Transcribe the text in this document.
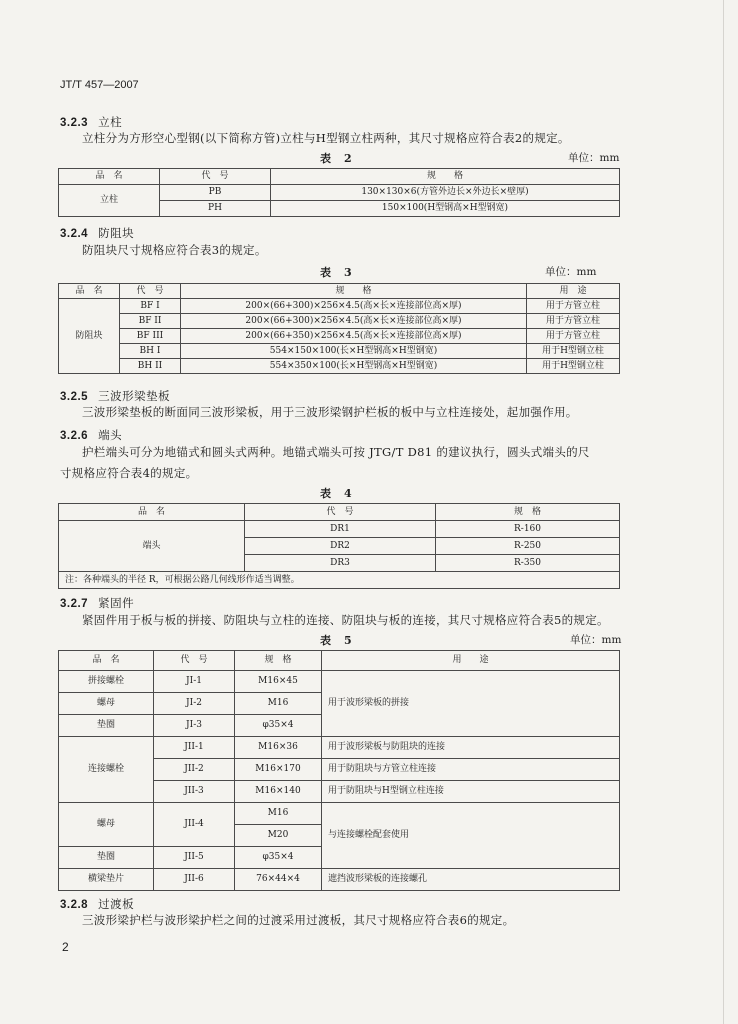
JT/T 457—2007
3.2.3 立柱
立柱分为方形空心型钢(以下简称方管)立柱与H型钢立柱两种，其尺寸规格应符合表2的规定。
表　2	单位：mm
品　名	代　号	规　　格
立柱	PB	130×130×6(方管外边长×外边长×壁厚)
	PH	150×100(H型钢高×H型钢宽)
3.2.4 防阻块
防阻块尺寸规格应符合表3的规定。
表　3	单位：mm
品　名	代　号	规　　格	用　途
防阻块	BF I	200×(66+300)×256×4.5(高×长×连接部位高×厚)	用于方管立柱
	BF II	200×(66+300)×256×4.5(高×长×连接部位高×厚)	用于方管立柱
	BF III	200×(66+350)×256×4.5(高×长×连接部位高×厚)	用于方管立柱
	BH I	554×150×100(长×H型钢高×H型钢宽)	用于H型钢立柱
	BH II	554×350×100(长×H型钢高×H型钢宽)	用于H型钢立柱
3.2.5 三波形梁垫板
三波形梁垫板的断面同三波形梁板，用于三波形梁钢护栏板的板中与立柱连接处，起加强作用。
3.2.6 端头
护栏端头可分为地锚式和圆头式两种。地锚式端头可按 JTG/T D81 的建议执行，圆头式端头的尺
寸规格应符合表4的规定。
表　4
品　名	代　号	规　格
端头	DR1	R-160
	DR2	R-250
	DR3	R-350
注：各种端头的半径 R，可根据公路几何线形作适当调整。		
3.2.7 紧固件
紧固件用于板与板的拼接、防阻块与立柱的连接、防阻块与板的连接，其尺寸规格应符合表5的规定。
表　5	单位：mm
品　名	代　号	规　格	用　　途
拼接螺栓	JI-1	M16×45	用于波形梁板的拼接
螺母	JI-2	M16	
垫圈	JI-3	φ35×4	
连接螺栓	JII-1	M16×36	用于波形梁板与防阻块的连接
	JII-2	M16×170	用于防阻块与方管立柱连接
	JII-3	M16×140	用于防阻块与H型钢立柱连接
螺母	JII-4	M16	与连接螺栓配套使用
		M20	
垫圈	JII-5	φ35×4	
横梁垫片	JII-6	76×44×4	遮挡波形梁板的连接螺孔
3.2.8 过渡板
三波形梁护栏与波形梁护栏之间的过渡采用过渡板，其尺寸规格应符合表6的规定。
2
